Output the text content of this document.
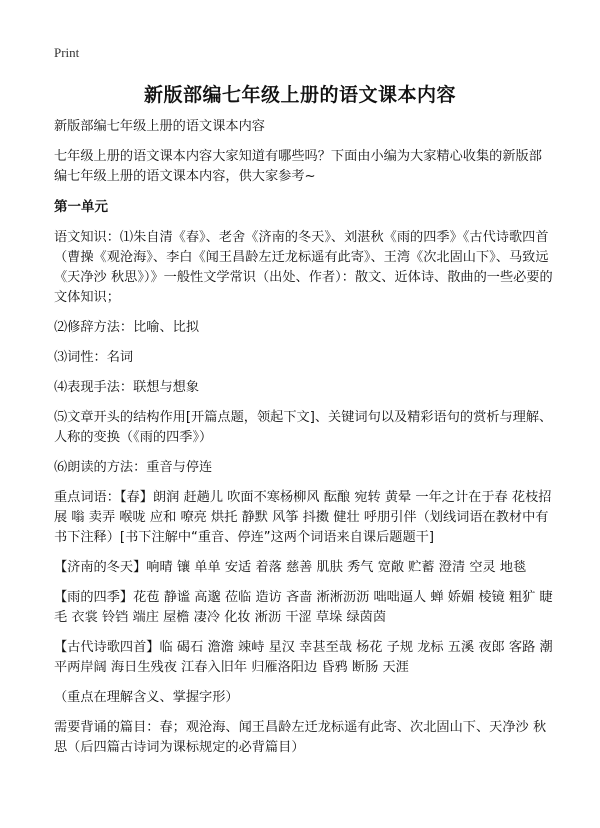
Print
新版部编七年级上册的语文课本内容

新版部编七年级上册的语文课本内容

七年级上册的语文课本内容大家知道有哪些吗？下面由小编为大家精心收集的新版部编七年级上册的语文课本内容，供大家参考~

第一单元

语文知识：⑴朱自清《春》、老舍《济南的冬天》、刘湛秋《雨的四季》《古代诗歌四首（曹操《观沧海》、李白《闻王昌龄左迁龙标遥有此寄》、王湾《次北固山下》、马致远《天净沙 秋思》）》一般性文学常识（出处、作者）：散文、近体诗、散曲的一些必要的文体知识；

⑵修辞方法：比喻、比拟

⑶词性：名词

⑷表现手法：联想与想象

⑸文章开头的结构作用[开篇点题，领起下文]、关键词句以及精彩语句的赏析与理解、人称的变换（《雨的四季》）

⑹朗读的方法：重音与停连

重点词语：【春】朗润 赶趟儿 吹面不寒杨柳风 酝酿 宛转 黄晕 一年之计在于春 花枝招展 嗡 卖弄 喉咙 应和 嘹亮 烘托 静默 风筝 抖擞 健壮 呼朋引伴（划线词语在教材中有书下注释）[书下注解中“重音、停连”这两个词语来自课后题题干]

【济南的冬天】响晴 镶 单单 安适 着落 慈善 肌肤 秀气 宽敞 贮蓄 澄清 空灵 地毯

【雨的四季】花苞 静谧 高邈 莅临 造访 吝啬 淅淅沥沥 咄咄逼人 蝉 娇媚 棱镜 粗犷 睫毛 衣裳 铃铛 端庄 屋檐 凄冷 化妆 淅沥 干涩 草垛 绿茵茵

【古代诗歌四首】临 碣石 澹澹 竦峙 星汉 幸甚至哉 杨花 子规 龙标 五溪 夜郎 客路 潮平两岸阔 海日生残夜 江春入旧年 归雁洛阳边 昏鸦 断肠 天涯

（重点在理解含义、掌握字形）

需要背诵的篇目：春；观沧海、闻王昌龄左迁龙标遥有此寄、次北固山下、天净沙 秋思（后四篇古诗词为课标规定的必背篇目）
